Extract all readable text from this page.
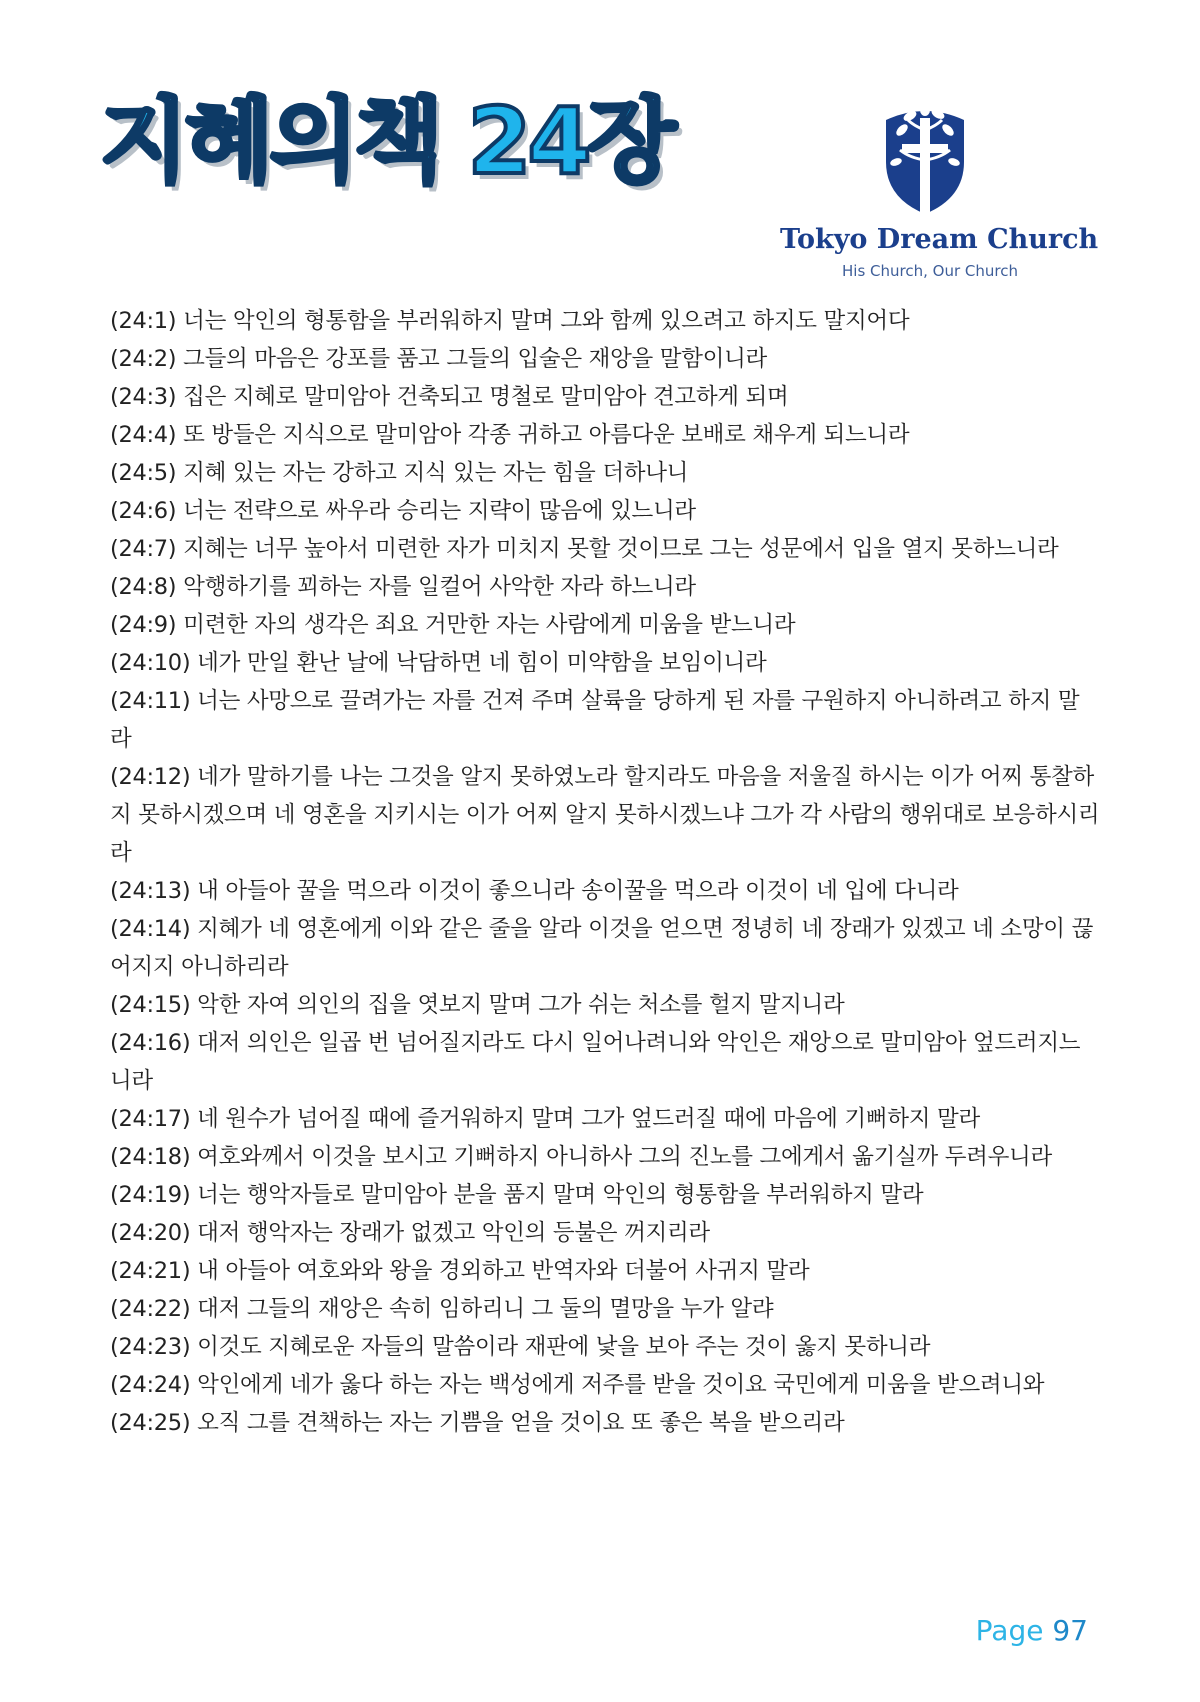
지혜의책 24장
Tokyo Dream Church
His Church, Our Church
(24:1) 너는 악인의 형통함을 부러워하지 말며 그와 함께 있으려고 하지도 말지어다
(24:2) 그들의 마음은 강포를 품고 그들의 입술은 재앙을 말함이니라
(24:3) 집은 지혜로 말미암아 건축되고 명철로 말미암아 견고하게 되며
(24:4) 또 방들은 지식으로 말미암아 각종 귀하고 아름다운 보배로 채우게 되느니라
(24:5) 지혜 있는 자는 강하고 지식 있는 자는 힘을 더하나니
(24:6) 너는 전략으로 싸우라 승리는 지략이 많음에 있느니라
(24:7) 지혜는 너무 높아서 미련한 자가 미치지 못할 것이므로 그는 성문에서 입을 열지 못하느니라
(24:8) 악행하기를 꾀하는 자를 일컬어 사악한 자라 하느니라
(24:9) 미련한 자의 생각은 죄요 거만한 자는 사람에게 미움을 받느니라
(24:10) 네가 만일 환난 날에 낙담하면 네 힘이 미약함을 보임이니라
(24:11) 너는 사망으로 끌려가는 자를 건져 주며 살륙을 당하게 된 자를 구원하지 아니하려고 하지 말라
(24:12) 네가 말하기를 나는 그것을 알지 못하였노라 할지라도 마음을 저울질 하시는 이가 어찌 통찰하지 못하시겠으며 네 영혼을 지키시는 이가 어찌 알지 못하시겠느냐 그가 각 사람의 행위대로 보응하시리라
(24:13) 내 아들아 꿀을 먹으라 이것이 좋으니라 송이꿀을 먹으라 이것이 네 입에 다니라
(24:14) 지혜가 네 영혼에게 이와 같은 줄을 알라 이것을 얻으면 정녕히 네 장래가 있겠고 네 소망이 끊어지지 아니하리라
(24:15) 악한 자여 의인의 집을 엿보지 말며 그가 쉬는 처소를 헐지 말지니라
(24:16) 대저 의인은 일곱 번 넘어질지라도 다시 일어나려니와 악인은 재앙으로 말미암아 엎드러지느니라
(24:17) 네 원수가 넘어질 때에 즐거워하지 말며 그가 엎드러질 때에 마음에 기뻐하지 말라
(24:18) 여호와께서 이것을 보시고 기뻐하지 아니하사 그의 진노를 그에게서 옮기실까 두려우니라
(24:19) 너는 행악자들로 말미암아 분을 품지 말며 악인의 형통함을 부러워하지 말라
(24:20) 대저 행악자는 장래가 없겠고 악인의 등불은 꺼지리라
(24:21) 내 아들아 여호와와 왕을 경외하고 반역자와 더불어 사귀지 말라
(24:22) 대저 그들의 재앙은 속히 임하리니 그 둘의 멸망을 누가 알랴
(24:23) 이것도 지혜로운 자들의 말씀이라 재판에 낯을 보아 주는 것이 옳지 못하니라
(24:24) 악인에게 네가 옳다 하는 자는 백성에게 저주를 받을 것이요 국민에게 미움을 받으려니와
(24:25) 오직 그를 견책하는 자는 기쁨을 얻을 것이요 또 좋은 복을 받으리라
Page 97
